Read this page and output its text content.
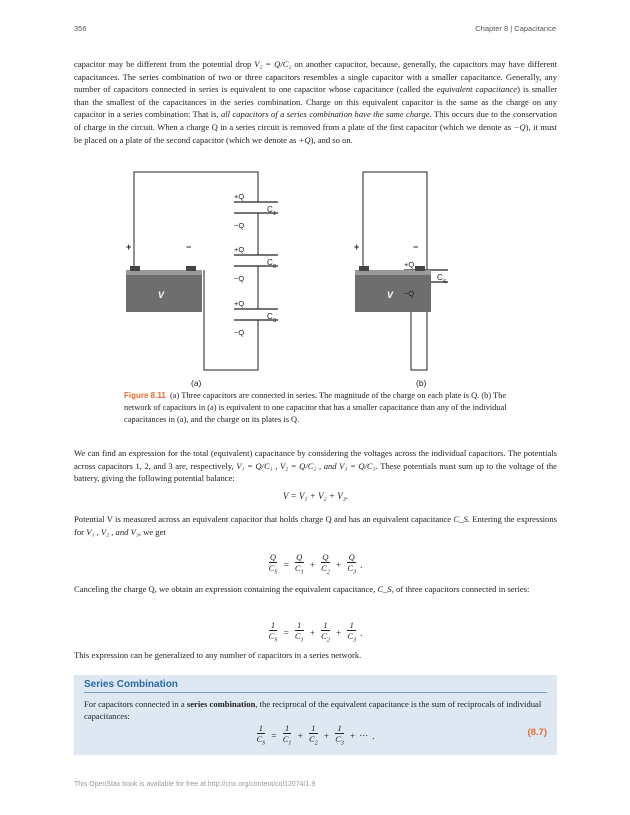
356	Chapter 8 | Capacitance

capacitor may be different from the potential drop V₂ = Q/C₂ on another capacitor, because, generally, the capacitors may have different capacitances. The series combination of two or three capacitors resembles a single capacitor with a smaller capacitance. Generally, any number of capacitors connected in series is equivalent to one capacitor whose capacitance (called the equivalent capacitance) is smaller than the smallest of the capacitances in the series combination. Charge on this equivalent capacitor is the same as the charge on any capacitor in a series combination: That is, all capacitors of a series combination have the same charge. This occurs due to the conservation of charge in the circuit. When a charge Q in a series circuit is removed from a plate of the first capacitor (which we denote as −Q), it must be placed on a plate of the second capacitor (which we denote as +Q), and so on.

+	−	+	−
V	V
+Q
−Q
+Q
−Q
+Q
−Q
+Q
−Q
C 1
C 2
C 3
C S
(a)	(b)

Figure 8.11 (a) Three capacitors are connected in series. The magnitude of the charge on each plate is Q. (b) The network of capacitors in (a) is equivalent to one capacitor that has a smaller capacitance than any of the individual capacitances in (a), and the charge on its plates is Q.

We can find an expression for the total (equivalent) capacitance by considering the voltages across the individual capacitors. The potentials across capacitors 1, 2, and 3 are, respectively, V₁ = Q/C₁ , V₂ = Q/C₂ , and V₃ = Q/C₃. These potentials must sum up to the voltage of the battery, giving the following potential balance:

V = V₁ + V₂ + V₃.

Potential V is measured across an equivalent capacitor that holds charge Q and has an equivalent capacitance C_S. Entering the expressions for V₁ , V₂ , and V₃, we get

$\frac{Q}{C_S} = \frac{Q}{C_1} + \frac{Q}{C_2} + \frac{Q}{C_3}$ .

Canceling the charge Q, we obtain an expression containing the equivalent capacitance, C_S, of three capacitors connected in series:

$\frac{1}{C_S} = \frac{1}{C_1} + \frac{1}{C_2} + \frac{1}{C_3}$ .

This expression can be generalized to any number of capacitors in a series network.

Series Combination

For capacitors connected in a series combination, the reciprocal of the equivalent capacitance is the sum of reciprocals of individual capacitances:

$\frac{1}{C_S} = \frac{1}{C_1} + \frac{1}{C_2} + \frac{1}{C_3}$ + ⋯ .	(8.7)
This OpenStax book is available for free at http://cnx.org/content/col12074/1.9
